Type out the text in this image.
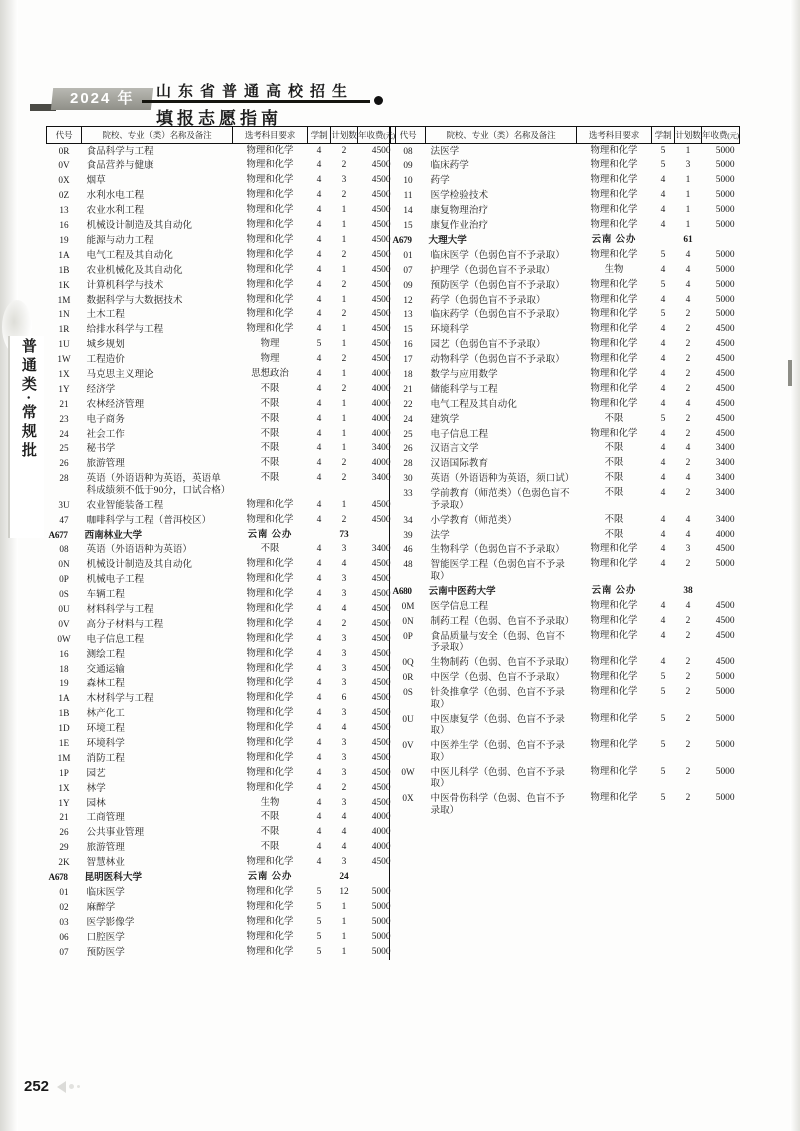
2024 年	山东省普通高校招生
填报志愿指南
普通类·常规批
代号	院校、专业（类）名称及备注	选考科目要求	学制	计划数	年收费(元)
0R	食品科学与工程	物理和化学	4	2	4500
0V	食品营养与健康	物理和化学	4	2	4500
0X	烟草	物理和化学	4	3	4500
0Z	水利水电工程	物理和化学	4	2	4500
13	农业水利工程	物理和化学	4	1	4500
16	机械设计制造及其自动化	物理和化学	4	1	4500
19	能源与动力工程	物理和化学	4	1	4500
1A	电气工程及其自动化	物理和化学	4	2	4500
1B	农业机械化及其自动化	物理和化学	4	1	4500
1K	计算机科学与技术	物理和化学	4	2	4500
1M	数据科学与大数据技术	物理和化学	4	1	4500
1N	土木工程	物理和化学	4	2	4500
1R	给排水科学与工程	物理和化学	4	1	4500
1U	城乡规划	物理	5	1	4500
1W	工程造价	物理	4	2	4500
1X	马克思主义理论	思想政治	4	1	4000
1Y	经济学	不限	4	2	4000
21	农林经济管理	不限	4	1	4000
23	电子商务	不限	4	1	4000
24	社会工作	不限	4	1	4000
25	秘书学	不限	4	1	3400
26	旅游管理	不限	4	2	4000
28	英语（外语语种为英语，英语单科成绩须不低于90分，口试合格）	不限	4	2	3400
3U	农业智能装备工程	物理和化学	4	1	4500
47	咖啡科学与工程（普洱校区）	物理和化学	4	2	4500
A677	西南林业大学	云南 公办		73	
08	英语（外语语种为英语）	不限	4	3	3400
0N	机械设计制造及其自动化	物理和化学	4	4	4500
0P	机械电子工程	物理和化学	4	3	4500
0S	车辆工程	物理和化学	4	3	4500
0U	材料科学与工程	物理和化学	4	4	4500
0V	高分子材料与工程	物理和化学	4	2	4500
0W	电子信息工程	物理和化学	4	3	4500
16	测绘工程	物理和化学	4	3	4500
18	交通运输	物理和化学	4	3	4500
19	森林工程	物理和化学	4	3	4500
1A	木材科学与工程	物理和化学	4	6	4500
1B	林产化工	物理和化学	4	3	4500
1D	环境工程	物理和化学	4	4	4500
1E	环境科学	物理和化学	4	3	4500
1M	消防工程	物理和化学	4	3	4500
1P	园艺	物理和化学	4	3	4500
1X	林学	物理和化学	4	2	4500
1Y	园林	生物	4	3	4500
21	工商管理	不限	4	4	4000
26	公共事业管理	不限	4	4	4000
29	旅游管理	不限	4	4	4000
2K	智慧林业	物理和化学	4	3	4500
A678	昆明医科大学	云南 公办		24	
01	临床医学	物理和化学	5	12	5000
02	麻醉学	物理和化学	5	1	5000
03	医学影像学	物理和化学	5	1	5000
06	口腔医学	物理和化学	5	1	5000
07	预防医学	物理和化学	5	1	5000
代号	院校、专业（类）名称及备注	选考科目要求	学制	计划数	年收费(元)
08	法医学	物理和化学	5	1	5000
09	临床药学	物理和化学	5	3	5000
10	药学	物理和化学	4	1	5000
11	医学检验技术	物理和化学	4	1	5000
14	康复物理治疗	物理和化学	4	1	5000
15	康复作业治疗	物理和化学	4	1	5000
A679	大理大学	云南 公办		61	
01	临床医学（色弱色盲不予录取）	物理和化学	5	4	5000
07	护理学（色弱色盲不予录取）	生物	4	4	5000
09	预防医学（色弱色盲不予录取）	物理和化学	5	4	5000
12	药学（色弱色盲不予录取）	物理和化学	4	4	5000
13	临床药学（色弱色盲不予录取）	物理和化学	5	2	5000
15	环境科学	物理和化学	4	2	4500
16	园艺（色弱色盲不予录取）	物理和化学	4	2	4500
17	动物科学（色弱色盲不予录取）	物理和化学	4	2	4500
18	数学与应用数学	物理和化学	4	2	4500
21	储能科学与工程	物理和化学	4	2	4500
22	电气工程及其自动化	物理和化学	4	4	4500
24	建筑学	不限	5	2	4500
25	电子信息工程	物理和化学	4	2	4500
26	汉语言文学	不限	4	4	3400
28	汉语国际教育	不限	4	2	3400
30	英语（外语语种为英语，须口试）	不限	4	4	3400
33	学前教育（师范类）（色弱色盲不予录取）	不限	4	2	3400
34	小学教育（师范类）	不限	4	4	3400
39	法学	不限	4	4	4000
46	生物科学（色弱色盲不予录取）	物理和化学	4	3	4500
48	智能医学工程（色弱色盲不予录取）	物理和化学	4	2	5000
A680	云南中医药大学	云南 公办		38	
0M	医学信息工程	物理和化学	4	4	4500
0N	制药工程（色弱、色盲不予录取）	物理和化学	4	2	4500
0P	食品质量与安全（色弱、色盲不予录取）	物理和化学	4	2	4500
0Q	生物制药（色弱、色盲不予录取）	物理和化学	4	2	4500
0R	中医学（色弱、色盲不予录取）	物理和化学	5	2	5000
0S	针灸推拿学（色弱、色盲不予录取）	物理和化学	5	2	5000
0U	中医康复学（色弱、色盲不予录取）	物理和化学	5	2	5000
0V	中医养生学（色弱、色盲不予录取）	物理和化学	5	2	5000
0W	中医儿科学（色弱、色盲不予录取）	物理和化学	5	2	5000
0X	中医骨伤科学（色弱、色盲不予录取）	物理和化学	5	2	5000
252
